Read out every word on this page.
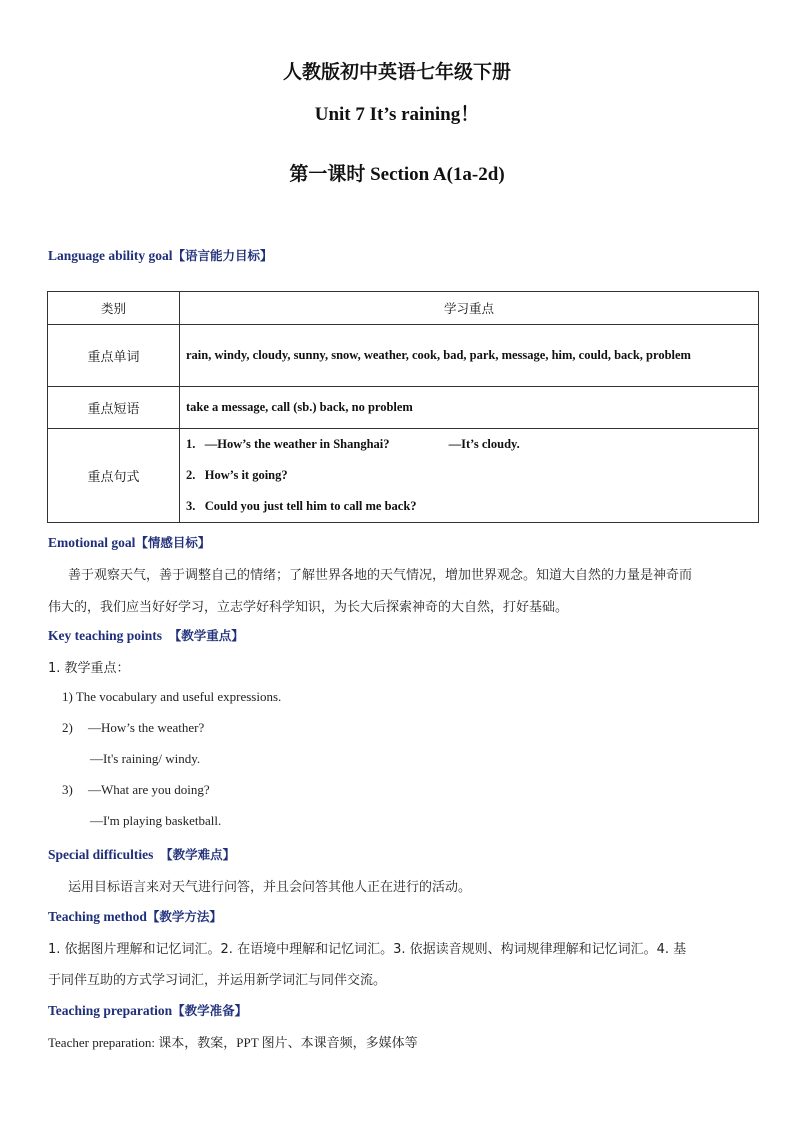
人教版初中英语七年级下册
Unit 7 It’s raining！
第一课时 Section A(1a-2d)
Language ability goal【语言能力目标】
类别	学习重点
重点单词	rain, windy, cloudy, sunny, snow, weather, cook, bad, park, message, him, could, back, problem
重点短语	take a message, call (sb.) back, no problem
重点句式	1. —How’s the weather in Shanghai? —It’s cloudy.
2. How’s it going?
3. Could you just tell him to call me back?
Emotional goal【情感目标】
善于观察天气，善于调整自己的情绪；了解世界各地的天气情况，增加世界观念。知道大自然的力量是神奇而
伟大的，我们应当好好学习，立志学好科学知识，为长大后探索神奇的大自然，打好基础。
Key teaching points 【教学重点】
1. 教学重点：
1) The vocabulary and useful expressions.
2) —How’s the weather?
—It's raining/ windy.
3) —What are you doing?
—I'm playing basketball.
Special difficulties 【教学难点】
运用目标语言来对天气进行问答，并且会问答其他人正在进行的活动。
Teaching method【教学方法】
1. 依据图片理解和记忆词汇。2. 在语境中理解和记忆词汇。3. 依据读音规则、构词规律理解和记忆词汇。4. 基
于同伴互助的方式学习词汇，并运用新学词汇与同伴交流。
Teaching preparation【教学准备】
Teacher preparation: 课本，教案，PPT 图片、本课音频，多媒体等
